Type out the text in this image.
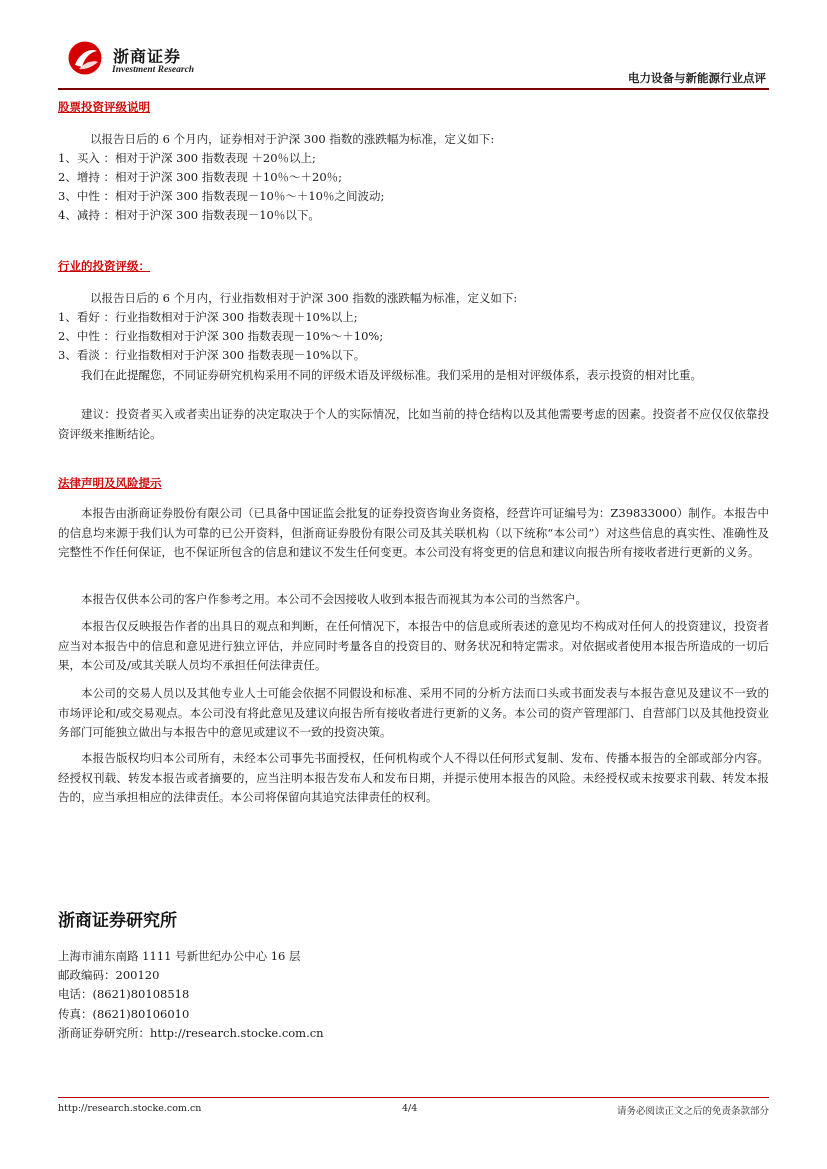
浙商证券
Investment Research
电力设备与新能源行业点评
股票投资评级说明
以报告日后的 6 个月内，证券相对于沪深 300 指数的涨跌幅为标准，定义如下:
1、买入 ：相对于沪深 300 指数表现 ＋20％以上;
2、增持 ：相对于沪深 300 指数表现 ＋10％～＋20％;
3、中性 ：相对于沪深 300 指数表现－10％～＋10％之间波动;
4、减持 ：相对于沪深 300 指数表现－10％以下。
行业的投资评级：
以报告日后的 6 个月内，行业指数相对于沪深 300 指数的涨跌幅为标准，定义如下:
1、看好 ：行业指数相对于沪深 300 指数表现＋10%以上;
2、中性 ：行业指数相对于沪深 300 指数表现－10%～＋10%;
3、看淡 ：行业指数相对于沪深 300 指数表现－10%以下。
我们在此提醒您，不同证券研究机构采用不同的评级术语及评级标准。我们采用的是相对评级体系，表示投资的相对比重。
建议：投资者买入或者卖出证券的决定取决于个人的实际情况，比如当前的持仓结构以及其他需要考虑的因素。投资者不应仅仅依靠投资评级来推断结论。
法律声明及风险提示
本报告由浙商证券股份有限公司（已具备中国证监会批复的证券投资咨询业务资格，经营许可证编号为：Z39833000）制作。本报告中的信息均来源于我们认为可靠的已公开资料，但浙商证券股份有限公司及其关联机构（以下统称“本公司”）对这些信息的真实性、准确性及完整性不作任何保证，也不保证所包含的信息和建议不发生任何变更。本公司没有将变更的信息和建议向报告所有接收者进行更新的义务。
本报告仅供本公司的客户作参考之用。本公司不会因接收人收到本报告而视其为本公司的当然客户。
本报告仅反映报告作者的出具日的观点和判断，在任何情况下，本报告中的信息或所表述的意见均不构成对任何人的投资建议，投资者应当对本报告中的信息和意见进行独立评估，并应同时考量各自的投资目的、财务状况和特定需求。对依据或者使用本报告所造成的一切后果，本公司及/或其关联人员均不承担任何法律责任。
本公司的交易人员以及其他专业人士可能会依据不同假设和标准、采用不同的分析方法而口头或书面发表与本报告意见及建议不一致的市场评论和/或交易观点。本公司没有将此意见及建议向报告所有接收者进行更新的义务。本公司的资产管理部门、自营部门以及其他投资业务部门可能独立做出与本报告中的意见或建议不一致的投资决策。
本报告版权均归本公司所有，未经本公司事先书面授权，任何机构或个人不得以任何形式复制、发布、传播本报告的全部或部分内容。经授权刊载、转发本报告或者摘要的，应当注明本报告发布人和发布日期，并提示使用本报告的风险。未经授权或未按要求刊载、转发本报告的，应当承担相应的法律责任。本公司将保留向其追究法律责任的权利。
浙商证券研究所
上海市浦东南路 1111 号新世纪办公中心 16 层
邮政编码：200120
电话：(8621)80108518
传真：(8621)80106010
浙商证券研究所：http://research.stocke.com.cn
http://research.stocke.com.cn	4/4	请务必阅读正文之后的免责条款部分
